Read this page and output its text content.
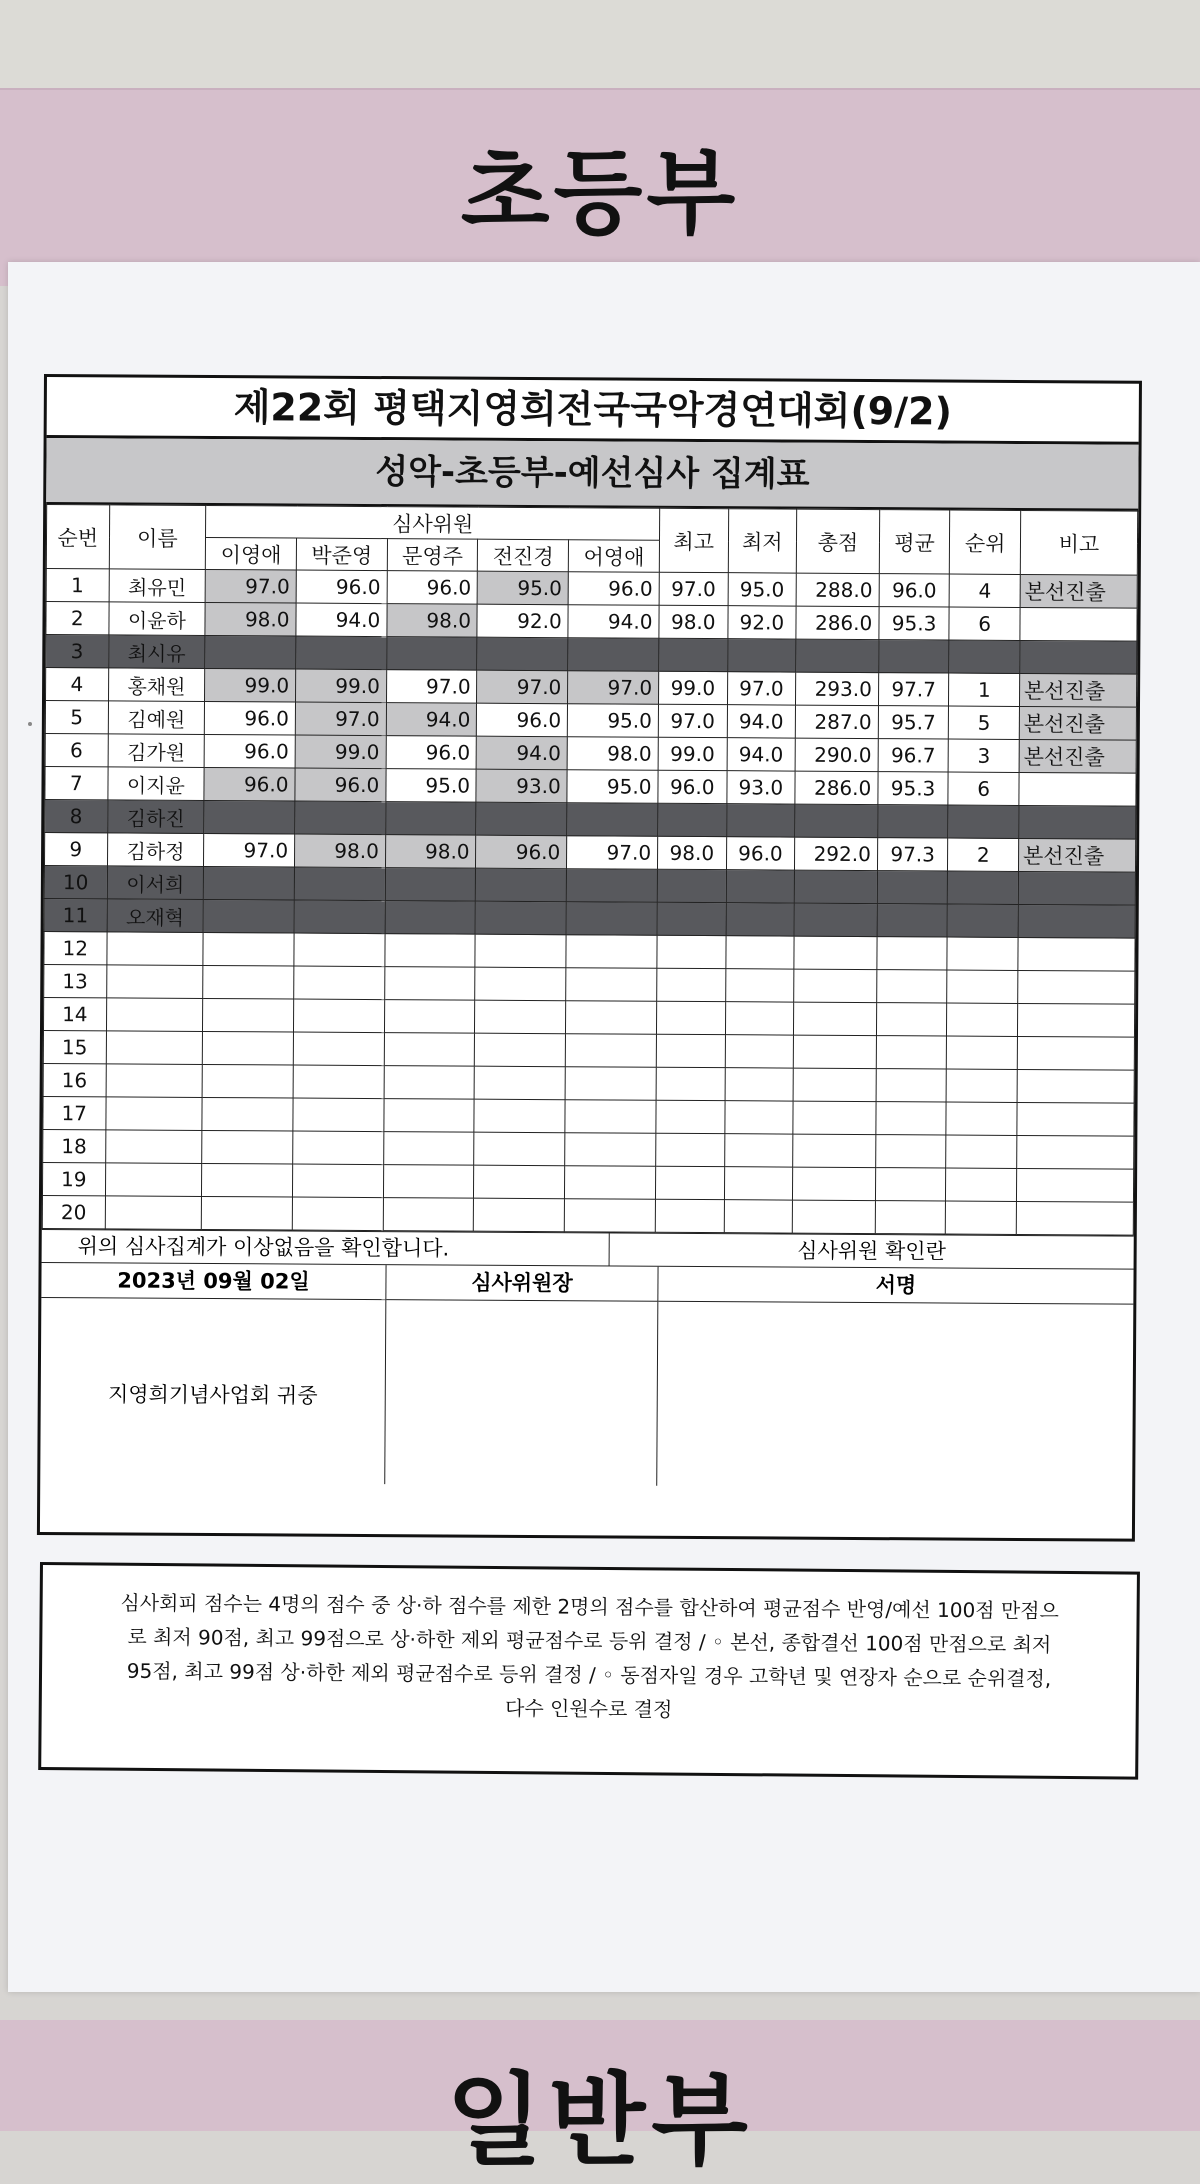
초등부
제22회 평택지영희전국국악경연대회(9/2)
성악-초등부-예선심사 집계표
순번	이름	심사위원					최고	최저	총점	평균	순위	비고
		이영애	박준영	문영주	전진경	어영애						
1	최유민	97.0	96.0	96.0	95.0	96.0	97.0	95.0	288.0	96.0	4	본선진출
2	이윤하	98.0	94.0	98.0	92.0	94.0	98.0	92.0	286.0	95.3	6	
3	최시유											
4	홍채원	99.0	99.0	97.0	97.0	97.0	99.0	97.0	293.0	97.7	1	본선진출
5	김예원	96.0	97.0	94.0	96.0	95.0	97.0	94.0	287.0	95.7	5	본선진출
6	김가원	96.0	99.0	96.0	94.0	98.0	99.0	94.0	290.0	96.7	3	본선진출
7	이지윤	96.0	96.0	95.0	93.0	95.0	96.0	93.0	286.0	95.3	6	
8	김하진											
9	김하정	97.0	98.0	98.0	96.0	97.0	98.0	96.0	292.0	97.3	2	본선진출
10	이서희											
11	오재혁											
12												
13												
14												
15												
16												
17												
18												
19												
20												
위의 심사집계가 이상없음을 확인합니다.	심사위원 확인란
2023년 09월 02일
지영희기념사업회 귀중
심사위원장	서명
심사회피 점수는 4명의 점수 중 상·하 점수를 제한 2명의 점수를 합산하여 평균점수 반영/예선 100점 만점으
로 최저 90점, 최고 99점으로 상·하한 제외 평균점수로 등위 결정 / ◦ 본선, 종합결선 100점 만점으로 최저
95점, 최고 99점 상·하한 제외 평균점수로 등위 결정 / ◦ 동점자일 경우 고학년 및 연장자 순으로 순위결정,
다수 인원수로 결정
일반부
